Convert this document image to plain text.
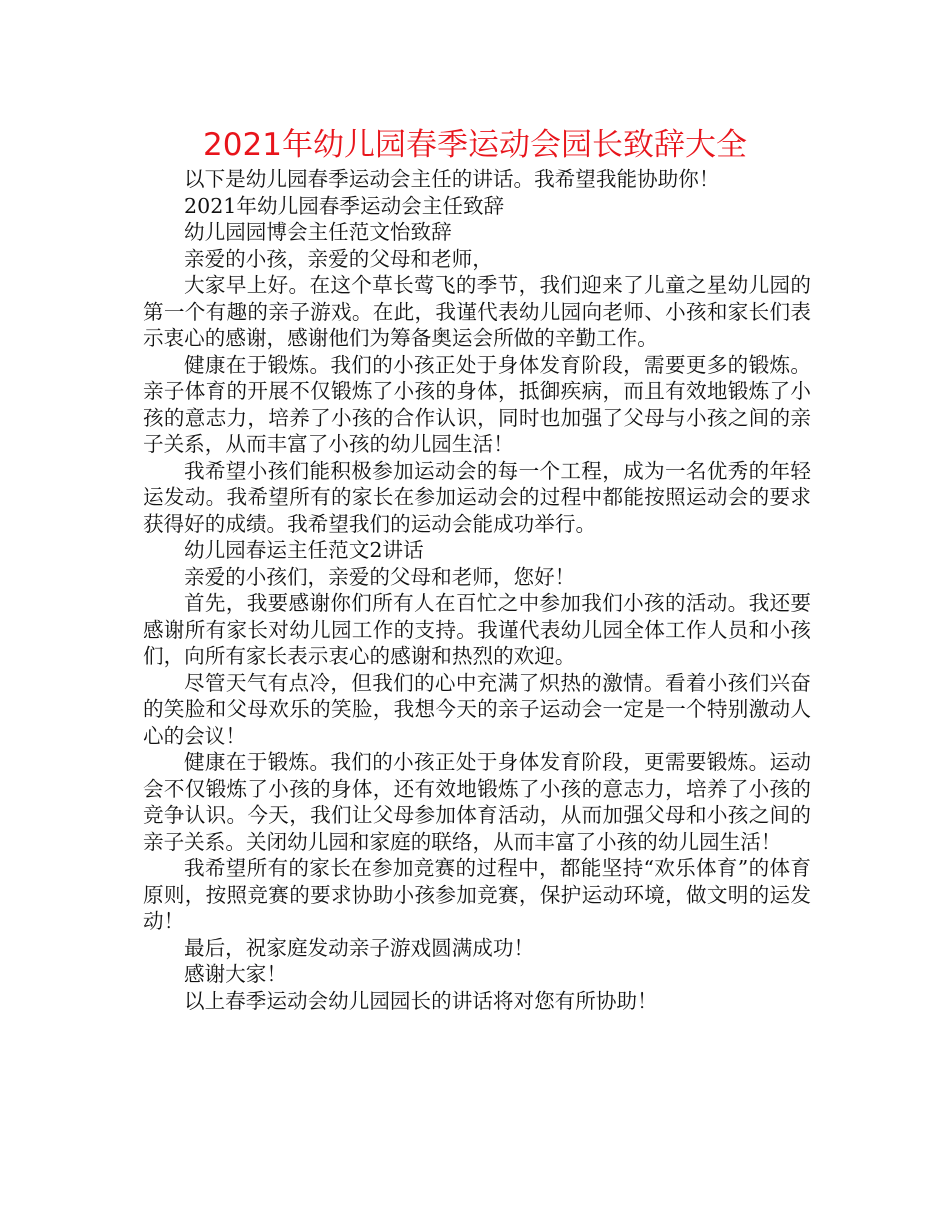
2021年幼儿园春季运动会园长致辞大全

以下是幼儿园春季运动会主任的讲话。我希望我能协助你！

2021年幼儿园春季运动会主任致辞

幼儿园园博会主任范文怡致辞

亲爱的小孩，亲爱的父母和老师，

大家早上好。在这个草长莺飞的季节，我们迎来了儿童之星幼儿园的第一个有趣的亲子游戏。在此，我谨代表幼儿园向老师、小孩和家长们表示衷心的感谢，感谢他们为筹备奥运会所做的辛勤工作。

健康在于锻炼。我们的小孩正处于身体发育阶段，需要更多的锻炼。亲子体育的开展不仅锻炼了小孩的身体，抵御疾病，而且有效地锻炼了小孩的意志力，培养了小孩的合作认识，同时也加强了父母与小孩之间的亲子关系，从而丰富了小孩的幼儿园生活！

我希望小孩们能积极参加运动会的每一个工程，成为一名优秀的年轻运发动。我希望所有的家长在参加运动会的过程中都能按照运动会的要求获得好的成绩。我希望我们的运动会能成功举行。

幼儿园春运主任范文2讲话

亲爱的小孩们，亲爱的父母和老师，您好！

首先，我要感谢你们所有人在百忙之中参加我们小孩的活动。我还要感谢所有家长对幼儿园工作的支持。我谨代表幼儿园全体工作人员和小孩们，向所有家长表示衷心的感谢和热烈的欢迎。

尽管天气有点冷，但我们的心中充满了炽热的激情。看着小孩们兴奋的笑脸和父母欢乐的笑脸，我想今天的亲子运动会一定是一个特别激动人心的会议！

健康在于锻炼。我们的小孩正处于身体发育阶段，更需要锻炼。运动会不仅锻炼了小孩的身体，还有效地锻炼了小孩的意志力，培养了小孩的竞争认识。今天，我们让父母参加体育活动，从而加强父母和小孩之间的亲子关系。关闭幼儿园和家庭的联络，从而丰富了小孩的幼儿园生活！

我希望所有的家长在参加竞赛的过程中，都能坚持“欢乐体育”的体育原则，按照竞赛的要求协助小孩参加竞赛，保护运动环境，做文明的运发动！

最后，祝家庭发动亲子游戏圆满成功！

感谢大家！

以上春季运动会幼儿园园长的讲话将对您有所协助！
